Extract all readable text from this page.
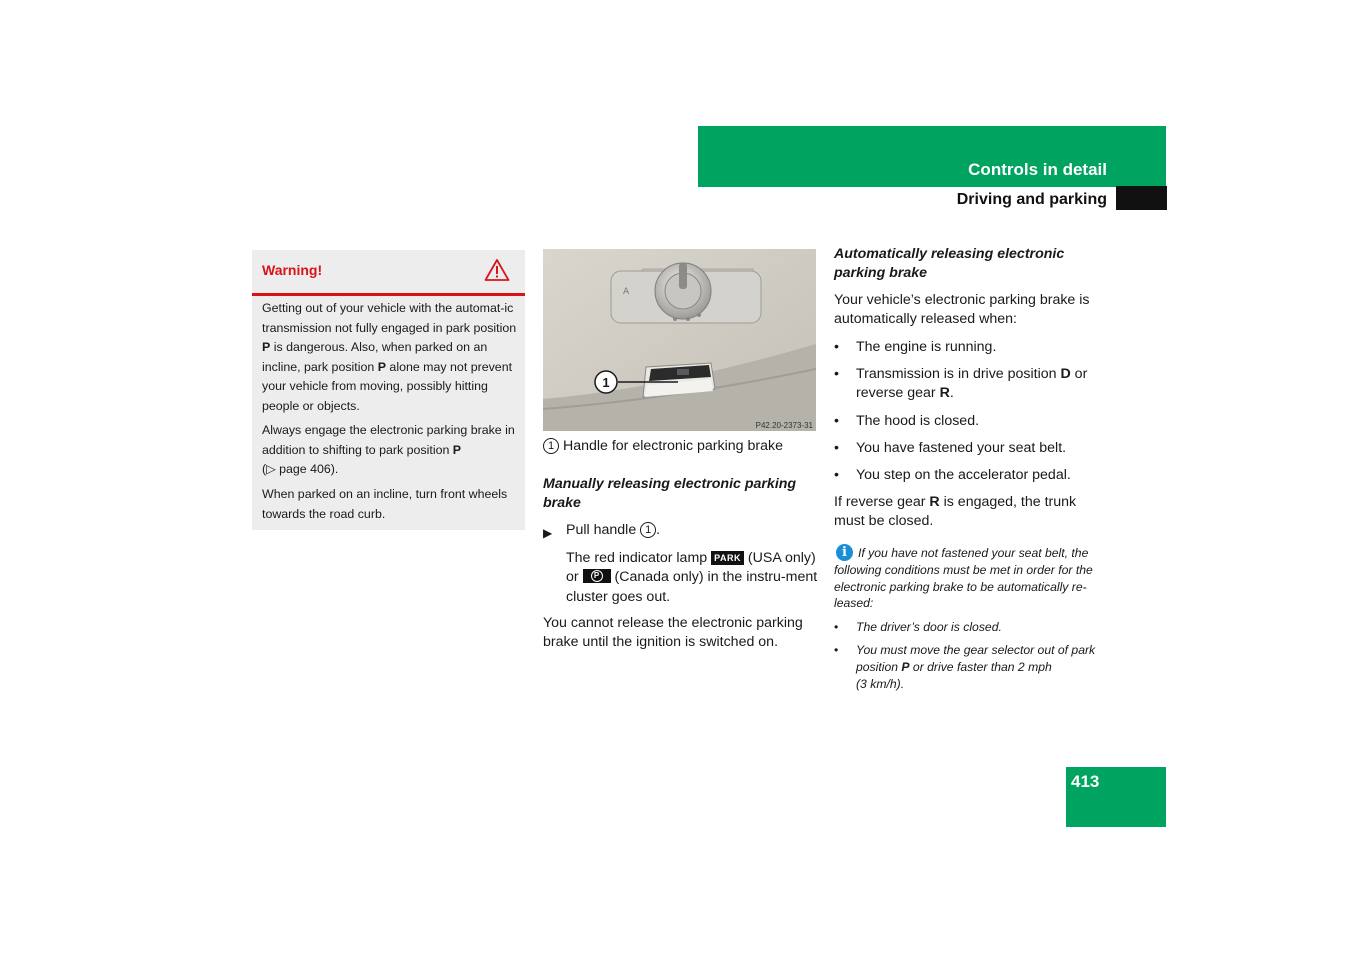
Controls in detail
Driving and parking
Warning!
Getting out of your vehicle with the automat-ic transmission not fully engaged in park position P is dangerous. Also, when parked on an incline, park position P alone may not prevent your vehicle from moving, possibly hitting people or objects.
Always engage the electronic parking brake in addition to shifting to park position P
(▷ page 406).
When parked on an incline, turn front wheels towards the road curb.
A
1
P42.20-2373-31
1 Handle for electronic parking brake
Manually releasing electronic parking brake
▶ Pull handle 1 .
The red indicator lamp PARK (USA only) or	P (Canada only) in the instru-ment cluster goes out.
You cannot release the electronic parking brake until the ignition is switched on.
Automatically releasing electronic parking brake
Your vehicle’s electronic parking brake is automatically released when:
• The engine is running.
• Transmission is in drive position D or reverse gear R.
• The hood is closed.
• You have fastened your seat belt.
• You step on the accelerator pedal.
If reverse gear R is engaged, the trunk must be closed.
If you have not fastened your seat belt, the following conditions must be met in order for the electronic parking brake to be automatically re-leased:
i
• The driver’s door is closed.
• You must move the gear selector out of park position P or drive faster than 2 mph
(3 km/h).
413
